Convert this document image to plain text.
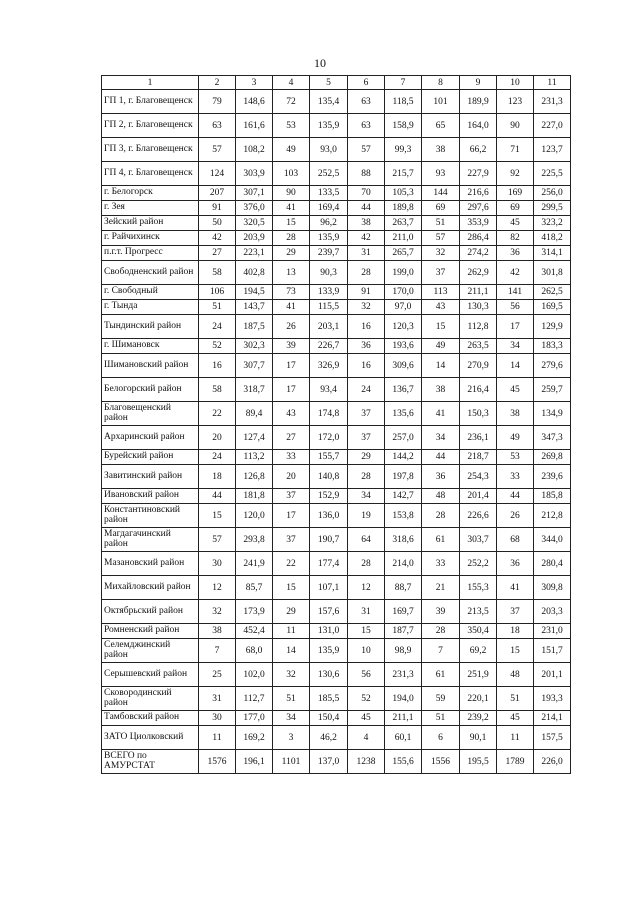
10
1	2	3	4	5	6	7	8	9	10	11
ГП 1, г. Благовещенск	79	148,6	72	135,4	63	118,5	101	189,9	123	231,3
ГП 2, г. Благовещенск	63	161,6	53	135,9	63	158,9	65	164,0	90	227,0
ГП 3, г. Благовещенск	57	108,2	49	93,0	57	99,3	38	66,2	71	123,7
ГП 4, г. Благовещенск	124	303,9	103	252,5	88	215,7	93	227,9	92	225,5
г. Белогорск	207	307,1	90	133,5	70	105,3	144	216,6	169	256,0
г. Зея	91	376,0	41	169,4	44	189,8	69	297,6	69	299,5
Зейский район	50	320,5	15	96,2	38	263,7	51	353,9	45	323,2
г. Райчихинск	42	203,9	28	135,9	42	211,0	57	286,4	82	418,2
п.г.т. Прогресс	27	223,1	29	239,7	31	265,7	32	274,2	36	314,1
Свободненский район	58	402,8	13	90,3	28	199,0	37	262,9	42	301,8
г. Свободный	106	194,5	73	133,9	91	170,0	113	211,1	141	262,5
г. Тында	51	143,7	41	115,5	32	97,0	43	130,3	56	169,5
Тындинский район	24	187,5	26	203,1	16	120,3	15	112,8	17	129,9
г. Шимановск	52	302,3	39	226,7	36	193,6	49	263,5	34	183,3
Шимановский район	16	307,7	17	326,9	16	309,6	14	270,9	14	279,6
Белогорский район	58	318,7	17	93,4	24	136,7	38	216,4	45	259,7
Благовещенский район	22	89,4	43	174,8	37	135,6	41	150,3	38	134,9
Архаринский район	20	127,4	27	172,0	37	257,0	34	236,1	49	347,3
Бурейский район	24	113,2	33	155,7	29	144,2	44	218,7	53	269,8
Завитинский район	18	126,8	20	140,8	28	197,8	36	254,3	33	239,6
Ивановский район	44	181,8	37	152,9	34	142,7	48	201,4	44	185,8
Константиновский район	15	120,0	17	136,0	19	153,8	28	226,6	26	212,8
Магдагачинский район	57	293,8	37	190,7	64	318,6	61	303,7	68	344,0
Мазановский район	30	241,9	22	177,4	28	214,0	33	252,2	36	280,4
Михайловский район	12	85,7	15	107,1	12	88,7	21	155,3	41	309,8
Октябрьский район	32	173,9	29	157,6	31	169,7	39	213,5	37	203,3
Ромненский район	38	452,4	11	131,0	15	187,7	28	350,4	18	231,0
Селемджинский район	7	68,0	14	135,9	10	98,9	7	69,2	15	151,7
Серышевский район	25	102,0	32	130,6	56	231,3	61	251,9	48	201,1
Сковородинский район	31	112,7	51	185,5	52	194,0	59	220,1	51	193,3
Тамбовский район	30	177,0	34	150,4	45	211,1	51	239,2	45	214,1
ЗАТО Циолковский	11	169,2	3	46,2	4	60,1	6	90,1	11	157,5
ВСЕГО по АМУРСТАТ	1576	196,1	1101	137,0	1238	155,6	1556	195,5	1789	226,0
